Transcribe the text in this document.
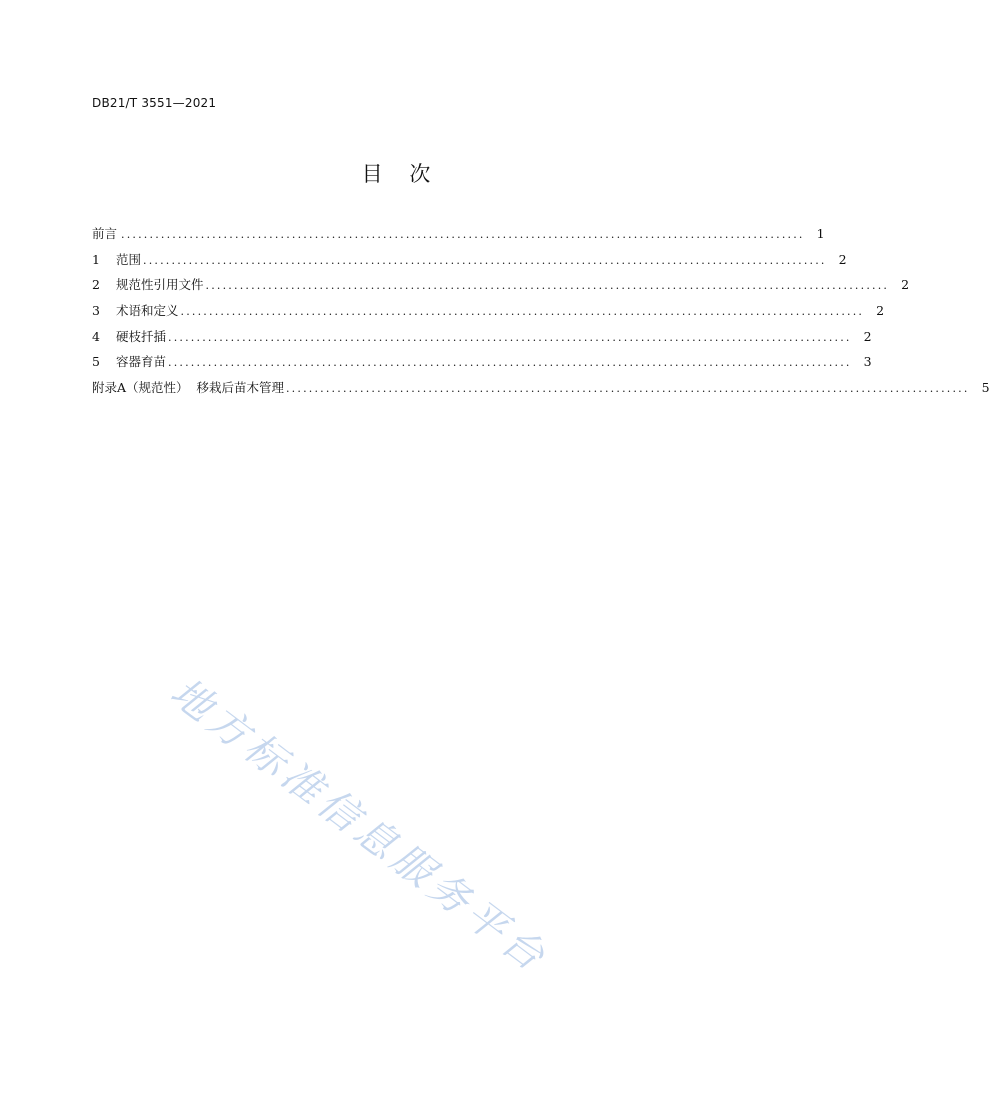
DB21/T 3551—2021
目    次
前言 ........................................................................................................................ 1
1	范围 ........................................................................................................................ 2
2	规范性引用文件 ........................................................................................................................ 2
3	术语和定义 ........................................................................................................................ 2
4	硬枝扦插 ........................................................................................................................ 2
5	容器育苗 ........................................................................................................................ 3
附录A（规范性）  移栽后苗木管理 ........................................................................................................................ 5
地方标准信息服务平台
